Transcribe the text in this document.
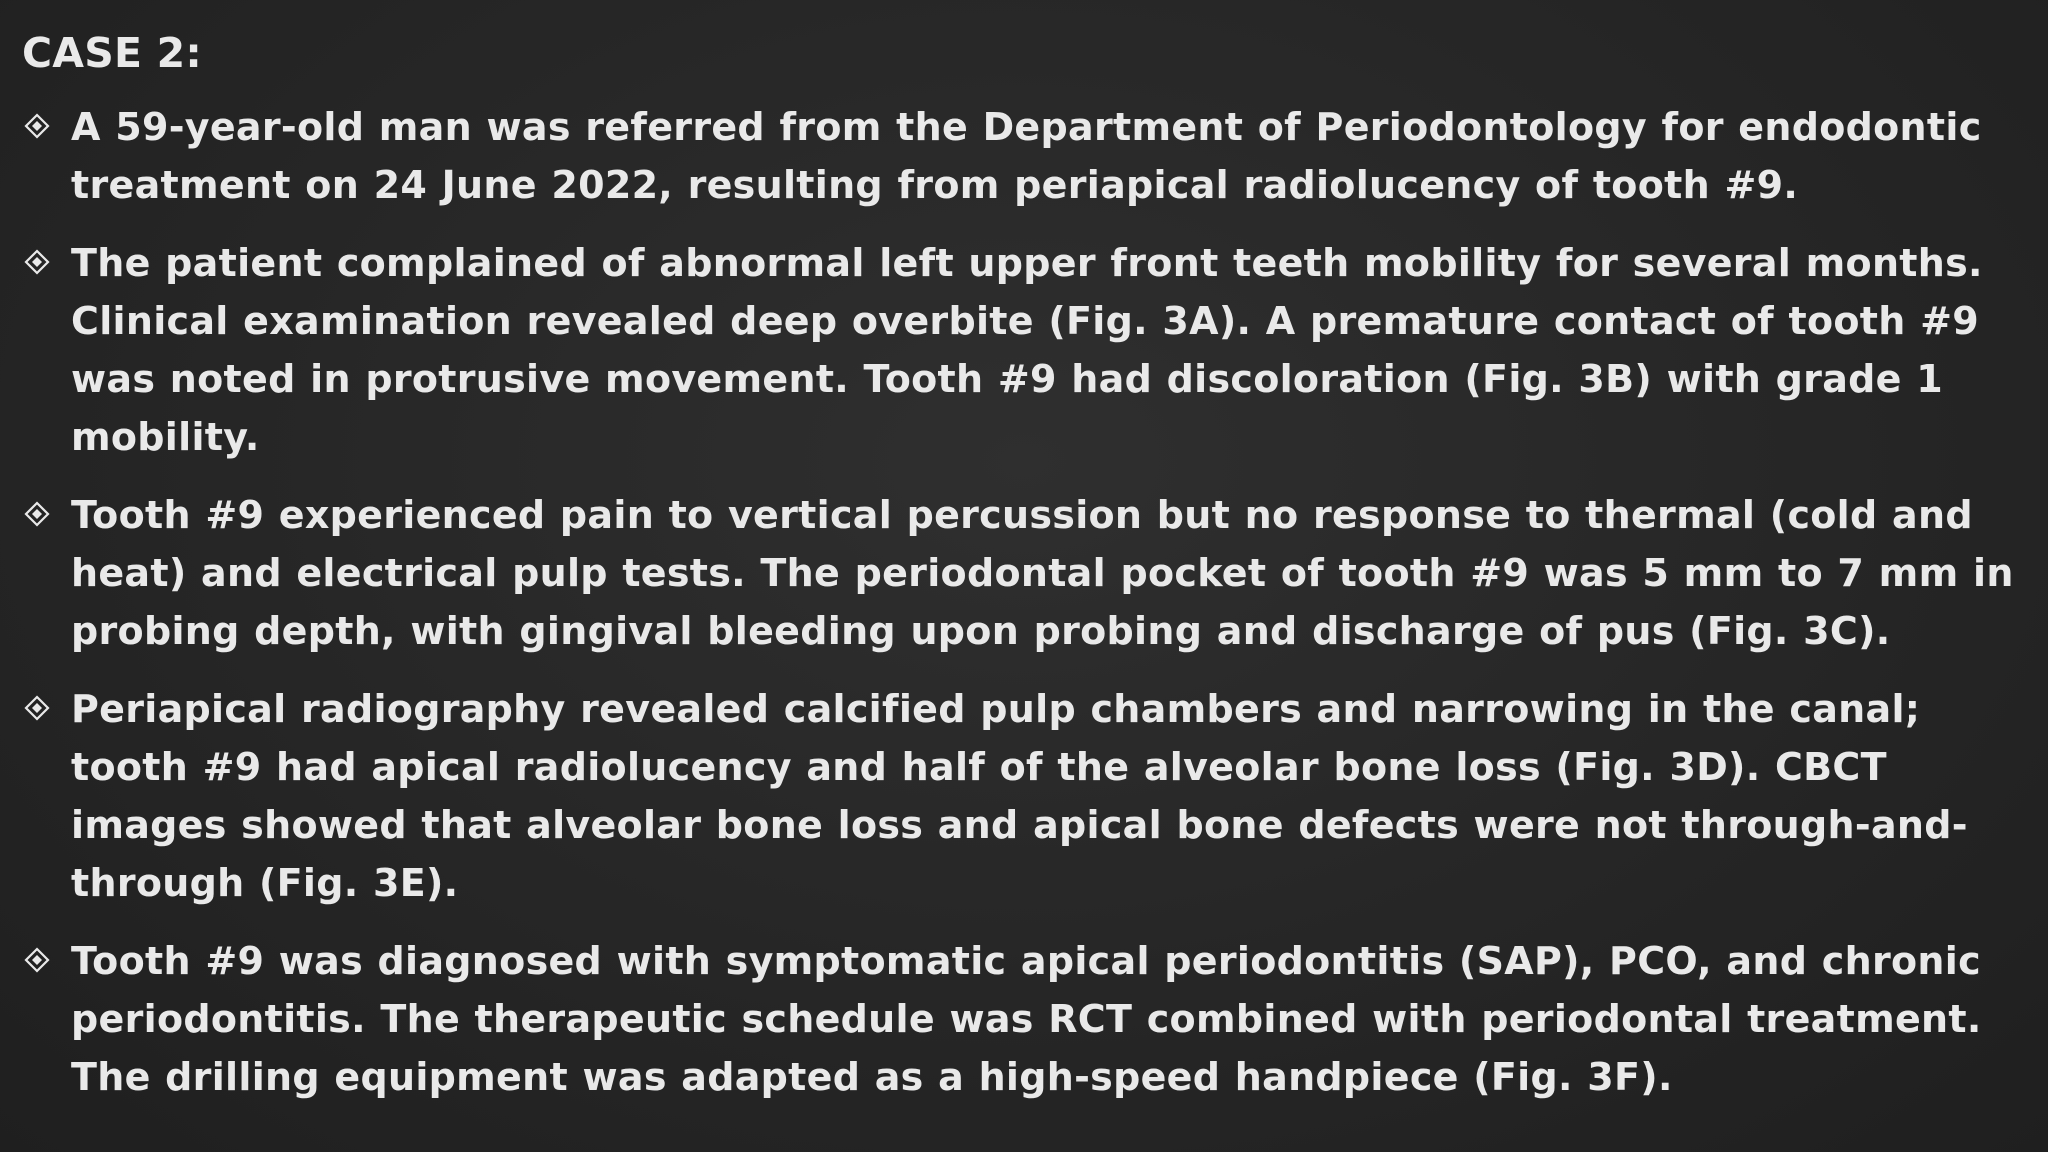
CASE 2:
A 59-year-old man was referred from the Department of Periodontology for endodontic treatment on 24 June 2022, resulting from periapical radiolucency of tooth #9.
The patient complained of abnormal left upper front teeth mobility for several months. Clinical examination revealed deep overbite (Fig. 3A). A premature contact of tooth #9 was noted in protrusive movement. Tooth #9 had discoloration (Fig. 3B) with grade 1 mobility.
Tooth #9 experienced pain to vertical percussion but no response to thermal (cold and heat) and electrical pulp tests. The periodontal pocket of tooth #9 was 5 mm to 7 mm in probing depth, with gingival bleeding upon probing and discharge of pus (Fig. 3C).
Periapical radiography revealed calcified pulp chambers and narrowing in the canal; tooth #9 had apical radiolucency and half of the alveolar bone loss (Fig. 3D). CBCT images showed that alveolar bone loss and apical bone defects were not through-and-through (Fig. 3E).
Tooth #9 was diagnosed with symptomatic apical periodontitis (SAP), PCO, and chronic periodontitis. The therapeutic schedule was RCT combined with periodontal treatment. The drilling equipment was adapted as a high-speed handpiece (Fig. 3F).
